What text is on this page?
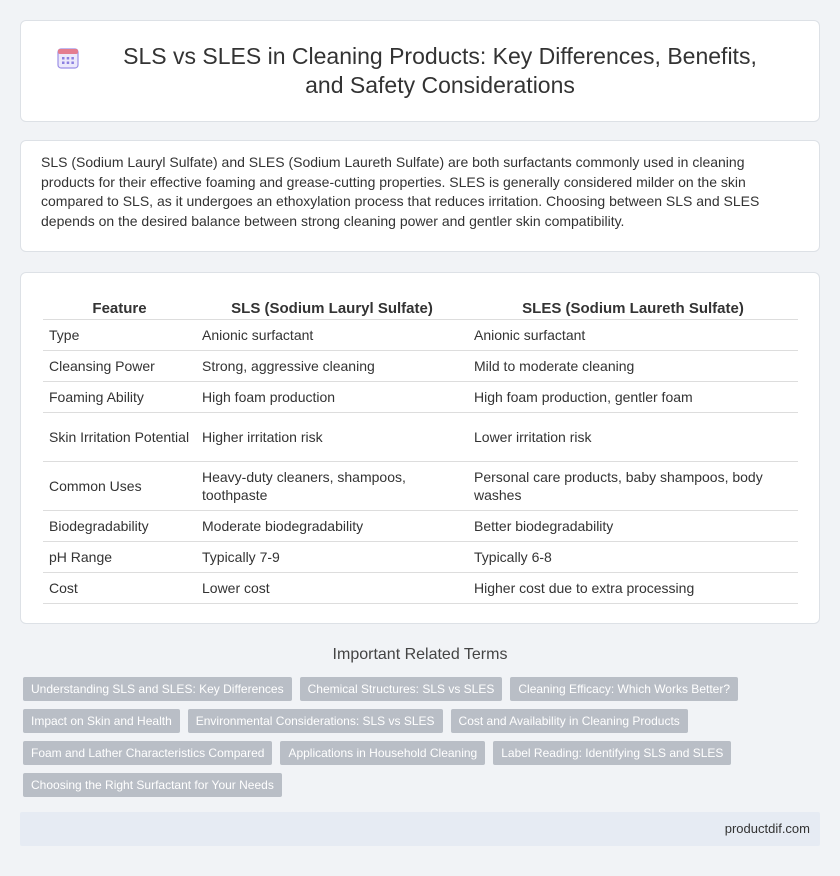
SLS vs SLES in Cleaning Products: Key Differences, Benefits, and Safety Considerations

SLS (Sodium Lauryl Sulfate) and SLES (Sodium Laureth Sulfate) are both surfactants commonly used in cleaning products for their effective foaming and grease-cutting properties. SLES is generally considered milder on the skin compared to SLS, as it undergoes an ethoxylation process that reduces irritation. Choosing between SLS and SLES depends on the desired balance between strong cleaning power and gentler skin compatibility.

Feature	SLS (Sodium Lauryl Sulfate)	SLES (Sodium Laureth Sulfate)
Type	Anionic surfactant	Anionic surfactant
Cleansing Power	Strong, aggressive cleaning	Mild to moderate cleaning
Foaming Ability	High foam production	High foam production, gentler foam
Skin Irritation Potential	Higher irritation risk	Lower irritation risk
Common Uses	Heavy-duty cleaners, shampoos, toothpaste	Personal care products, baby shampoos, body washes
Biodegradability	Moderate biodegradability	Better biodegradability
pH Range	Typically 7-9	Typically 6-8
Cost	Lower cost	Higher cost due to extra processing
Important Related Terms
Understanding SLS and SLES: Key Differences	Chemical Structures: SLS vs SLES	Cleaning Efficacy: Which Works Better?
Impact on Skin and Health	Environmental Considerations: SLS vs SLES	Cost and Availability in Cleaning Products
Foam and Lather Characteristics Compared	Applications in Household Cleaning	Label Reading: Identifying SLS and SLES
Choosing the Right Surfactant for Your Needs
productdif.com
